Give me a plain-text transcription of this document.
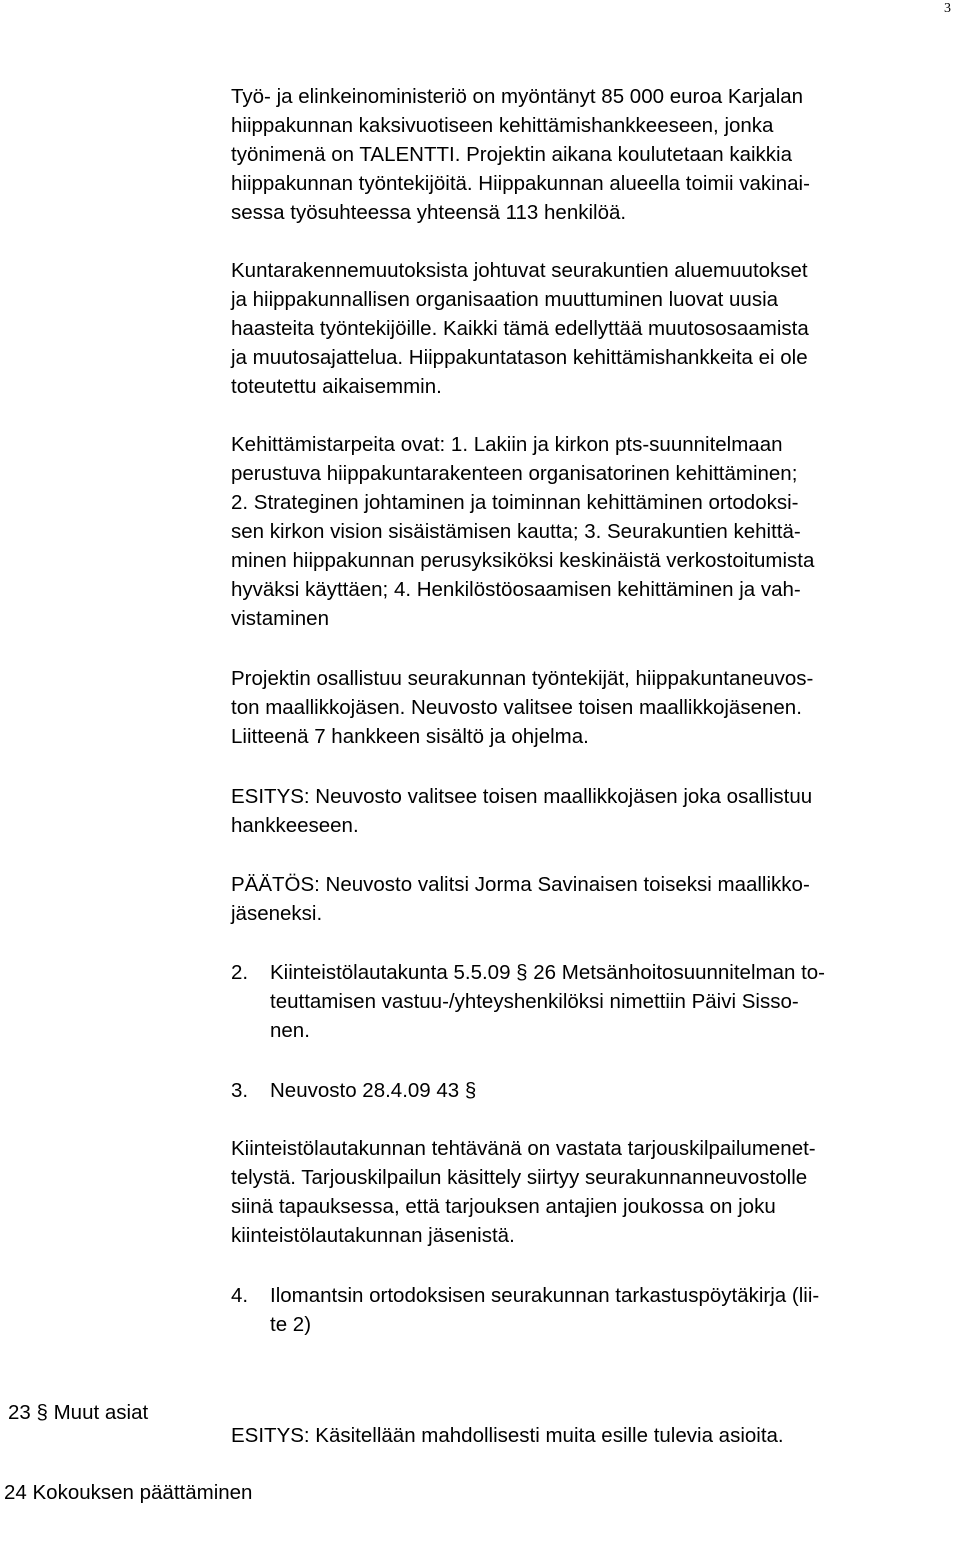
3

Työ- ja elinkeinoministeriö on myöntänyt 85 000 euroa Karjalan

hiippakunnan kaksivuotiseen kehittämishankkeeseen, jonka

työnimenä on TALENTTI. Projektin aikana koulutetaan kaikkia

hiippakunnan työntekijöitä. Hiippakunnan alueella toimii vakinai-

sessa työsuhteessa yhteensä 113 henkilöä.

Kuntarakennemuutoksista johtuvat seurakuntien aluemuutokset

ja hiippakunnallisen organisaation muuttuminen luovat uusia

haasteita työntekijöille. Kaikki tämä edellyttää muutososaamista

ja muutosajattelua. Hiippakuntatason kehittämishankkeita ei ole

toteutettu aikaisemmin.

Kehittämistarpeita ovat: 1. Lakiin ja kirkon pts-suunnitelmaan

perustuva hiippakuntarakenteen organisatorinen kehittäminen;

2. Strateginen johtaminen ja toiminnan kehittäminen ortodoksi-

sen kirkon vision sisäistämisen kautta; 3. Seurakuntien kehittä-

minen hiippakunnan perusyksiköksi keskinäistä verkostoitumista

hyväksi käyttäen; 4. Henkilöstöosaamisen kehittäminen ja vah-

vistaminen

Projektin osallistuu seurakunnan työntekijät, hiippakuntaneuvos-

ton maallikkojäsen. Neuvosto valitsee toisen maallikkojäsenen.

Liitteenä 7 hankkeen sisältö ja ohjelma.

ESITYS: Neuvosto valitsee toisen maallikkojäsen joka osallistuu

hankkeeseen.

PÄÄTÖS: Neuvosto valitsi Jorma Savinaisen toiseksi maallikko-

jäseneksi.

2. Kiinteistölautakunta 5.5.09 § 26 Metsänhoitosuunnitelman to-

teuttamisen vastuu-/yhteyshenkilöksi nimettiin Päivi Sisso-

nen.

3. Neuvosto 28.4.09 43 §

Kiinteistölautakunnan tehtävänä on vastata tarjouskilpailumenet-

telystä. Tarjouskilpailun käsittely siirtyy seurakunnanneuvostolle

siinä tapauksessa, että tarjouksen antajien joukossa on joku

kiinteistölautakunnan jäsenistä.

4. Ilomantsin ortodoksisen seurakunnan tarkastuspöytäkirja (lii-

te 2)

23 § Muut asiat

ESITYS: Käsitellään mahdollisesti muita esille tulevia asioita.

24 Kokouksen päättäminen
